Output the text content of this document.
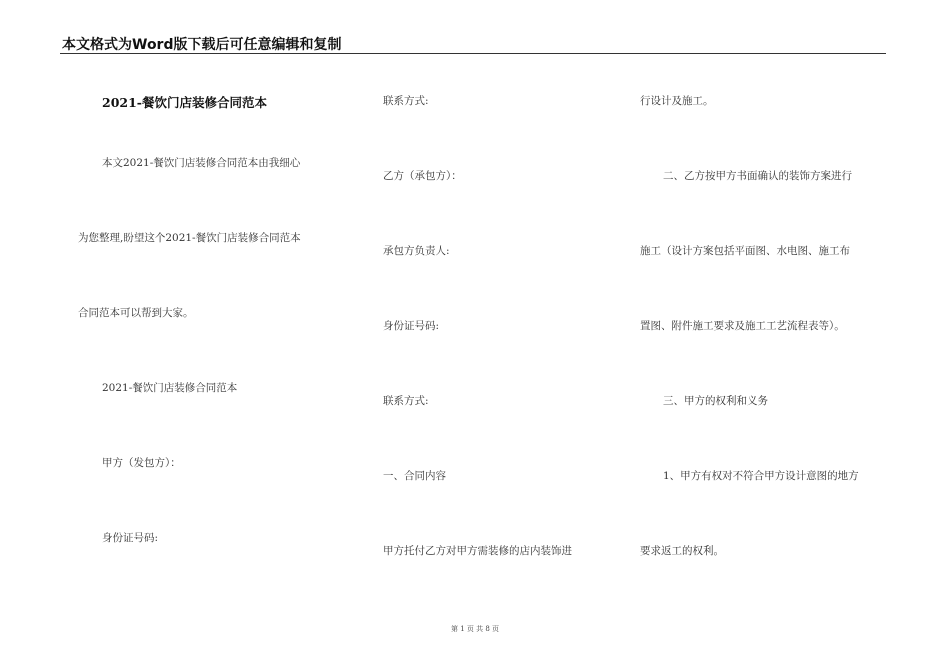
本文格式为Word版下载后可任意编辑和复制
2021-餐饮门店装修合同范本
本文2021-餐饮门店装修合同范本由我细心
为您整理,盼望这个2021-餐饮门店装修合同范本
合同范本可以帮到大家。
2021-餐饮门店装修合同范本
甲方（发包方）：
身份证号码:
联系方式:
乙方（承包方）：
承包方负责人:
身份证号码:
联系方式:
一、合同内容
甲方托付乙方对甲方需装修的店内装饰进
行设计及施工。
二、乙方按甲方书面确认的装饰方案进行
施工（设计方案包括平面图、水电图、施工布
置图、附件施工要求及施工工艺流程表等）。
三、甲方的权利和义务
1、甲方有权对不符合甲方设计意图的地方
要求返工的权利。
第 1 页 共 8 页
